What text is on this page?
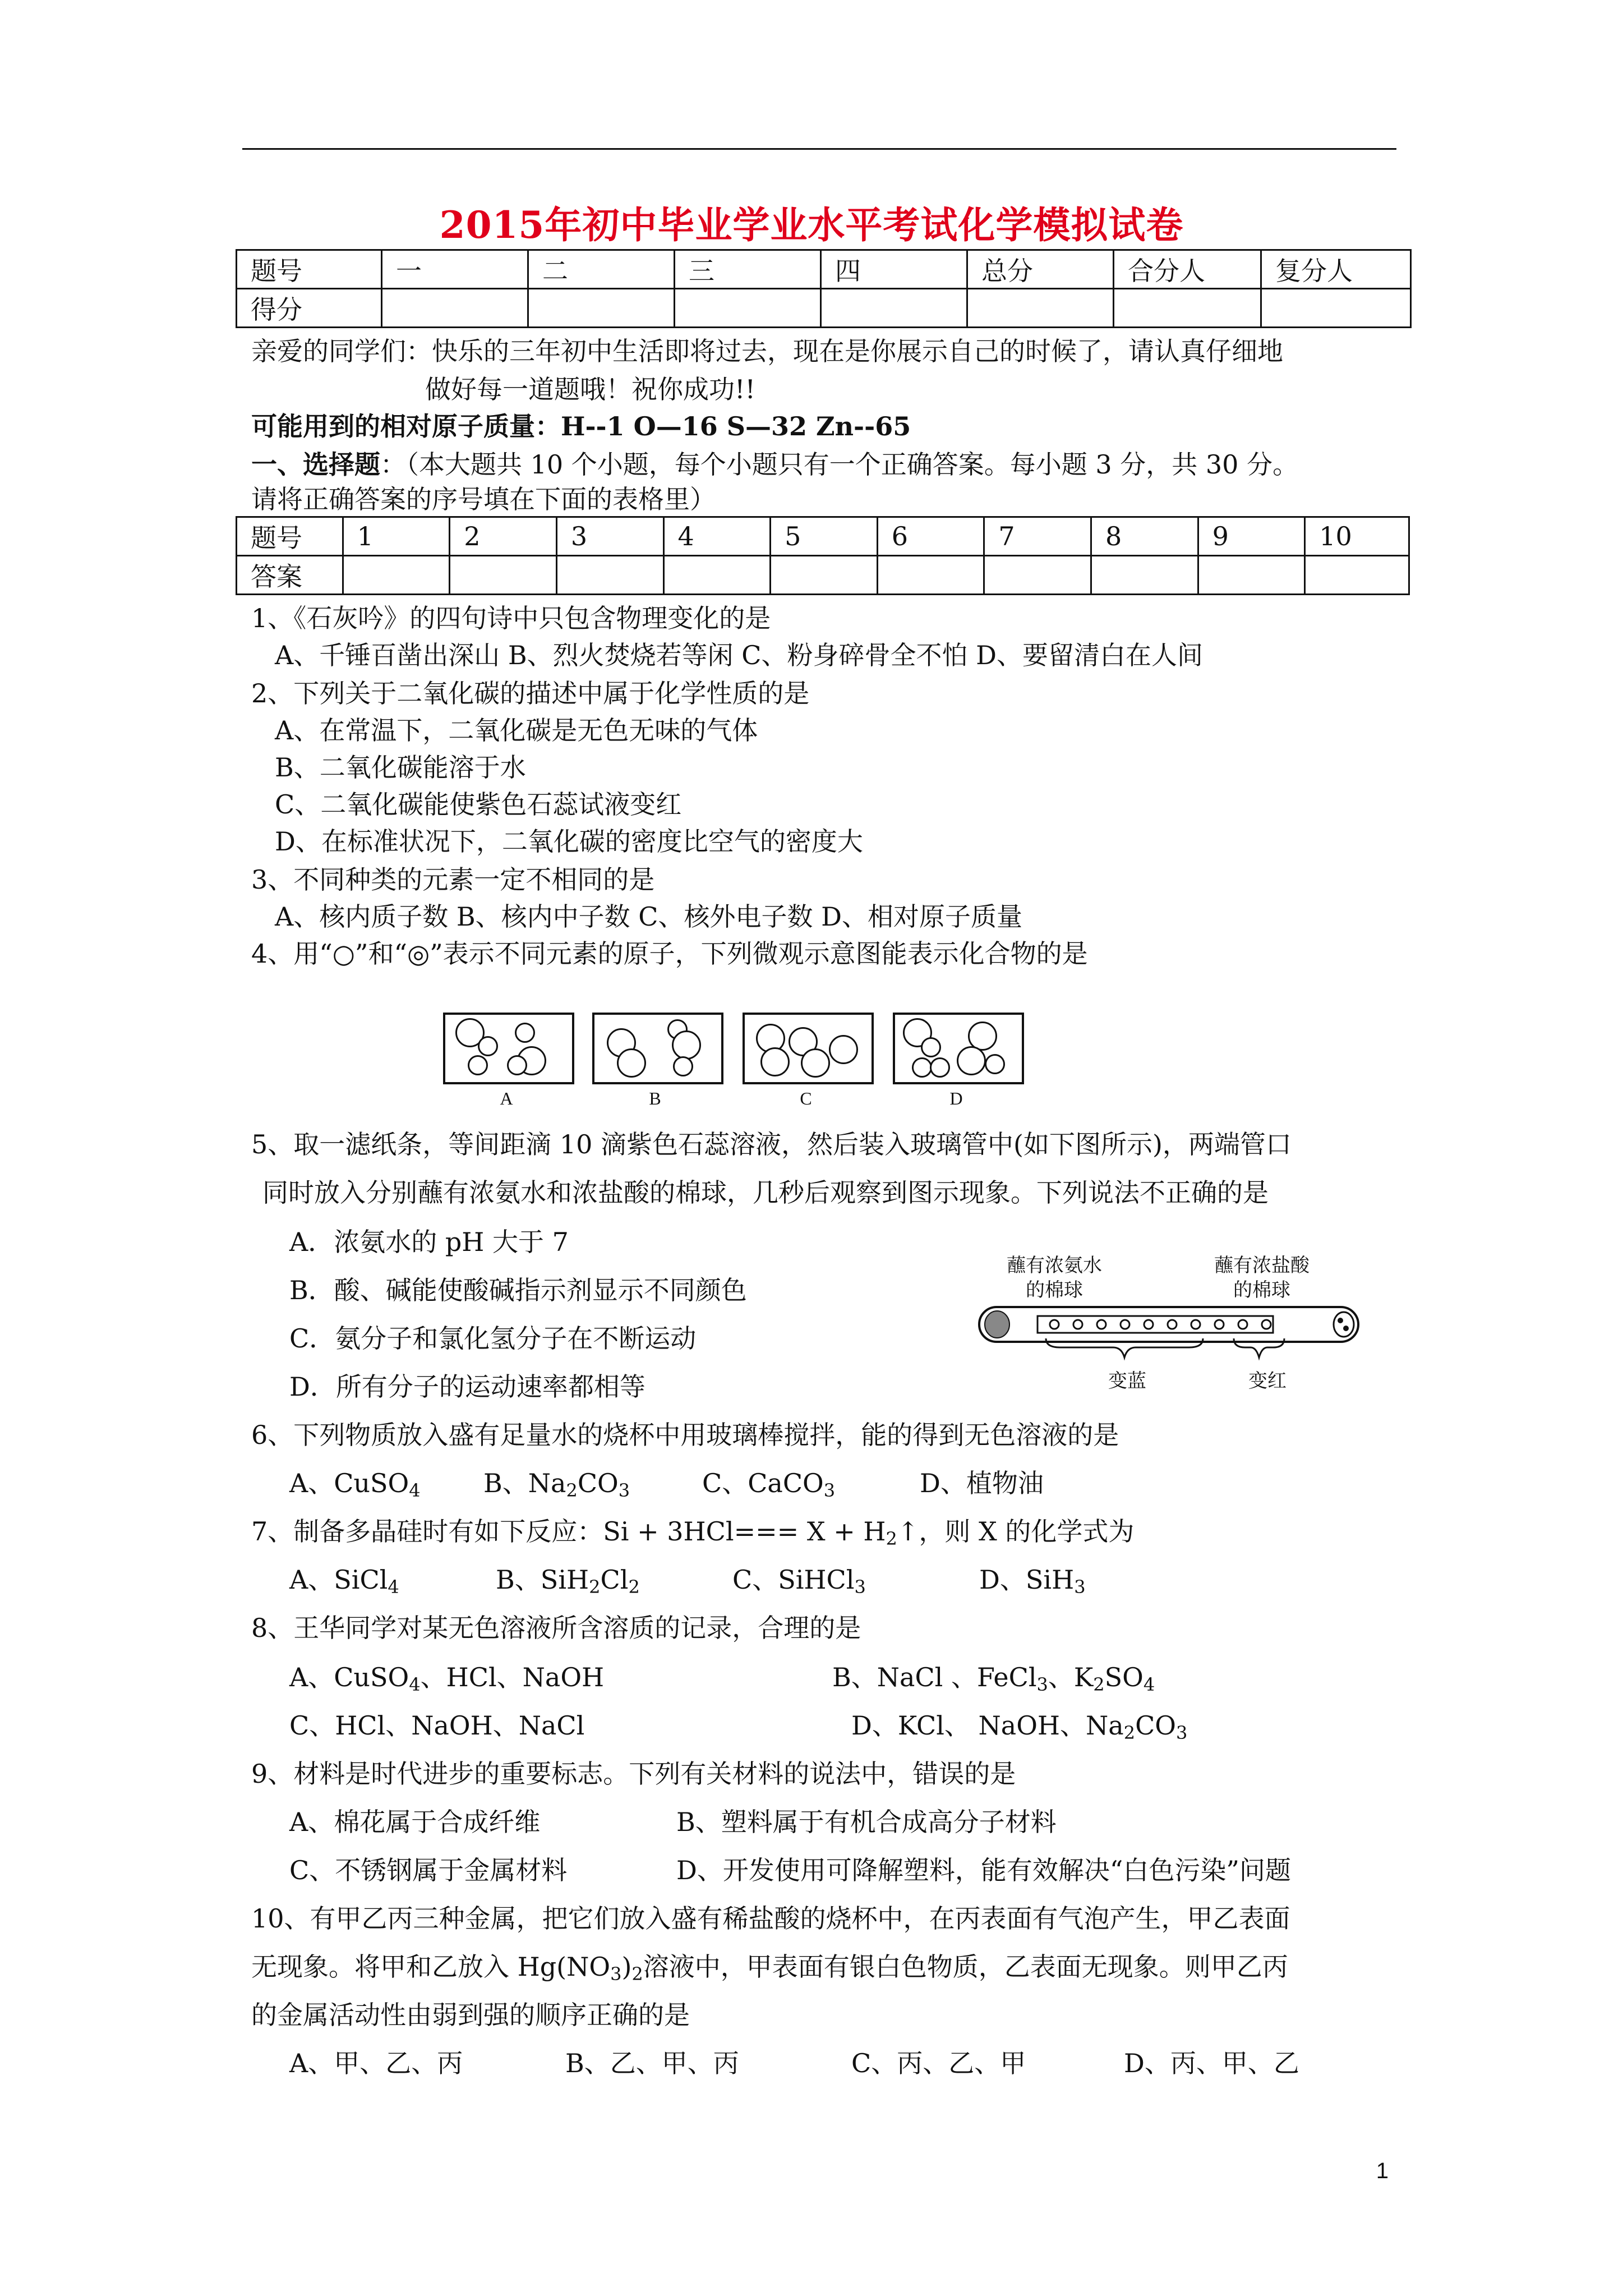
2015年初中毕业学业水平考试化学模拟试卷
题号	一	二	三	四	总分	合分人	复分人
得分							
亲爱的同学们：快乐的三年初中生活即将过去，现在是你展示自己的时候了，请认真仔细地
做好每一道题哦！祝你成功!!
可能用到的相对原子质量：H--1 O—16 S—32 Zn--65
一、选择题：（本大题共 10 个小题，每个小题只有一个正确答案。每小题 3 分，共 30 分。
请将正确答案的序号填在下面的表格里）
题号	1	2	3	4	5	6	7	8	9	10
答案										
1、《石灰吟》的四句诗中只包含物理变化的是
A、千锤百凿出深山 B、烈火焚烧若等闲 C、粉身碎骨全不怕 D、要留清白在人间
2、下列关于二氧化碳的描述中属于化学性质的是
A、在常温下，二氧化碳是无色无味的气体
B、二氧化碳能溶于水
C、二氧化碳能使紫色石蕊试液变红
D、在标准状况下，二氧化碳的密度比空气的密度大
3、不同种类的元素一定不相同的是
A、核内质子数 B、核内中子数 C、核外电子数 D、相对原子质量
4、用“○”和“◎”表示不同元素的原子，下列微观示意图能表示化合物的是
A	B	C	D
5、取一滤纸条，等间距滴 10 滴紫色石蕊溶液，然后装入玻璃管中(如下图所示)，两端管口
同时放入分别蘸有浓氨水和浓盐酸的棉球，几秒后观察到图示现象。下列说法不正确的是
A．浓氨水的 pH 大于 7
B．酸、碱能使酸碱指示剂显示不同颜色
C．氨分子和氯化氢分子在不断运动
D．所有分子的运动速率都相等
蘸有浓氨水
的棉球
蘸有浓盐酸
的棉球
变蓝	变红
6、下列物质放入盛有足量水的烧杯中用玻璃棒搅拌，能的得到无色溶液的是
A、CuSO$_4$ B、$Na_2CO_3$	C、CaCO$_3$	D、植物油
7、制备多晶硅时有如下反应：$Si + 3HCl=== X + H_2↑$，则 X 的化学式为
A、SiCl$_4$	B、$SiH_2Cl_2$	C、SiHCl$_3$	D、SiH$_3$
8、王华同学对某无色溶液所含溶质的记录，合理的是
A、CuSO$_4$、HCl、NaOH	B、NaCl 、FeCl$_3$、$K_2SO_4$
C、HCl、NaOH、NaCl	D、KCl、 NaOH、$Na_2CO_3$
9、材料是时代进步的重要标志。下列有关材料的说法中，错误的是
A、棉花属于合成纤维	B、塑料属于有机合成高分子材料
C、不锈钢属于金属材料	D、开发使用可降解塑料，能有效解决“白色污染”问题
10、有甲乙丙三种金属，把它们放入盛有稀盐酸的烧杯中，在丙表面有气泡产生，甲乙表面
无现象。将甲和乙放入 $Hg(NO_3)_2$溶液中，甲表面有银白色物质，乙表面无现象。则甲乙丙
的金属活动性由弱到强的顺序正确的是
A、甲、乙、丙	B、乙、甲、丙	C、丙、乙、甲	D、丙、甲、乙
1
